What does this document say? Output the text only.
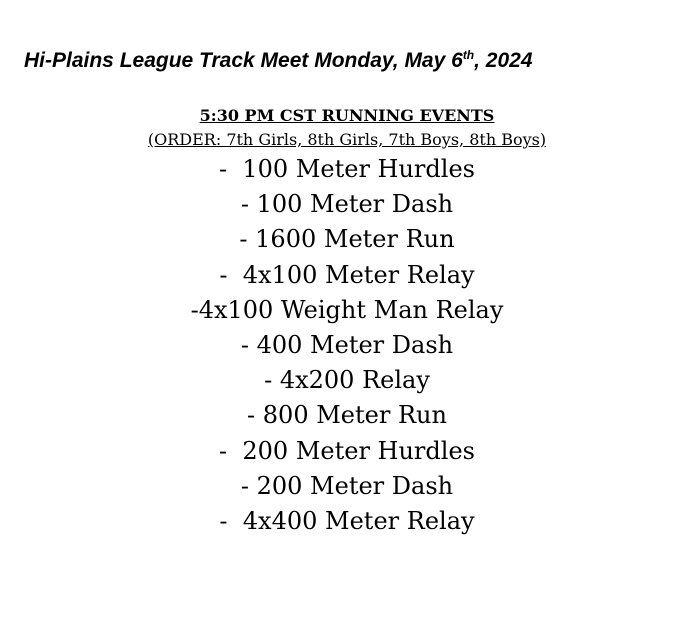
Hi-Plains League Track Meet Monday, May 6th, 2024
5:30 PM CST RUNNING EVENTS
(ORDER: 7th Girls, 8th Girls, 7th Boys, 8th Boys)
-  100 Meter Hurdles
- 100 Meter Dash
- 1600 Meter Run
-  4x100 Meter Relay
-4x100 Weight Man Relay
- 400 Meter Dash
- 4x200 Relay
- 800 Meter Run
-  200 Meter Hurdles
- 200 Meter Dash
-  4x400 Meter Relay
